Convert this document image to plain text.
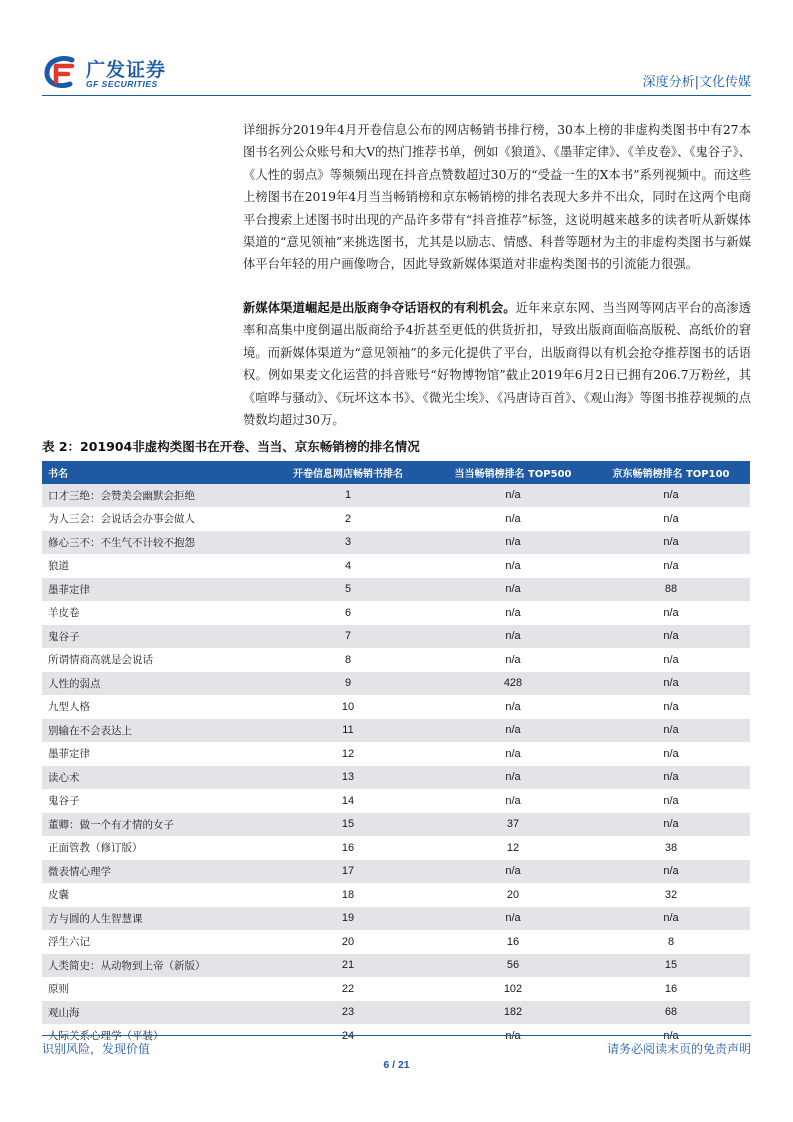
广发证券
GF SECURITIES	深度分析|文化传媒
详细拆分2019年4月开卷信息公布的网店畅销书排行榜，30本上榜的非虚构类图书中有27本图书名列公众账号和大V的热门推荐书单，例如《狼道》、《墨菲定律》、《羊皮卷》、《鬼谷子》、《人性的弱点》等频频出现在抖音点赞数超过30万的“受益一生的X本书”系列视频中。而这些上榜图书在2019年4月当当畅销榜和京东畅销榜的排名表现大多并不出众，同时在这两个电商平台搜索上述图书时出现的产品许多带有“抖音推荐”标签，这说明越来越多的读者听从新媒体渠道的“意见领袖”来挑选图书，尤其是以励志、情感、科普等题材为主的非虚构类图书与新媒体平台年轻的用户画像吻合，因此导致新媒体渠道对非虚构类图书的引流能力很强。
新媒体渠道崛起是出版商争夺话语权的有利机会。近年来京东网、当当网等网店平台的高渗透率和高集中度倒逼出版商给予4折甚至更低的供货折扣，导致出版商面临高版税、高纸价的窘境。而新媒体渠道为“意见领袖”的多元化提供了平台，出版商得以有机会抢夺推荐图书的话语权。例如果麦文化运营的抖音账号“好物博物馆”截止2019年6月2日已拥有206.7万粉丝，其《喧哗与骚动》、《玩坏这本书》、《微光尘埃》、《冯唐诗百首》、《观山海》等图书推荐视频的点赞数均超过30万。
表 2：201904非虚构类图书在开卷、当当、京东畅销榜的排名情况
书名	开卷信息网店畅销书排名	当当畅销榜排名 TOP500	京东畅销榜排名 TOP100
口才三绝：会赞美会幽默会拒绝	1	n/a	n/a
为人三会：会说话会办事会做人	2	n/a	n/a
修心三不：不生气不计较不抱怨	3	n/a	n/a
狼道	4	n/a	n/a
墨菲定律	5	n/a	88
羊皮卷	6	n/a	n/a
鬼谷子	7	n/a	n/a
所谓情商高就是会说话	8	n/a	n/a
人性的弱点	9	428	n/a
九型人格	10	n/a	n/a
别输在不会表达上	11	n/a	n/a
墨菲定律	12	n/a	n/a
读心术	13	n/a	n/a
鬼谷子	14	n/a	n/a
董卿：做一个有才情的女子	15	37	n/a
正面管教（修订版）	16	12	38
微表情心理学	17	n/a	n/a
皮囊	18	20	32
方与圆的人生智慧课	19	n/a	n/a
浮生六记	20	16	8
人类简史：从动物到上帝（新版）	21	56	15
原则	22	102	16
观山海	23	182	68
人际关系心理学（平装）	24	n/a	n/a
识别风险，发现价值	请务必阅读末页的免责声明
6 / 21
